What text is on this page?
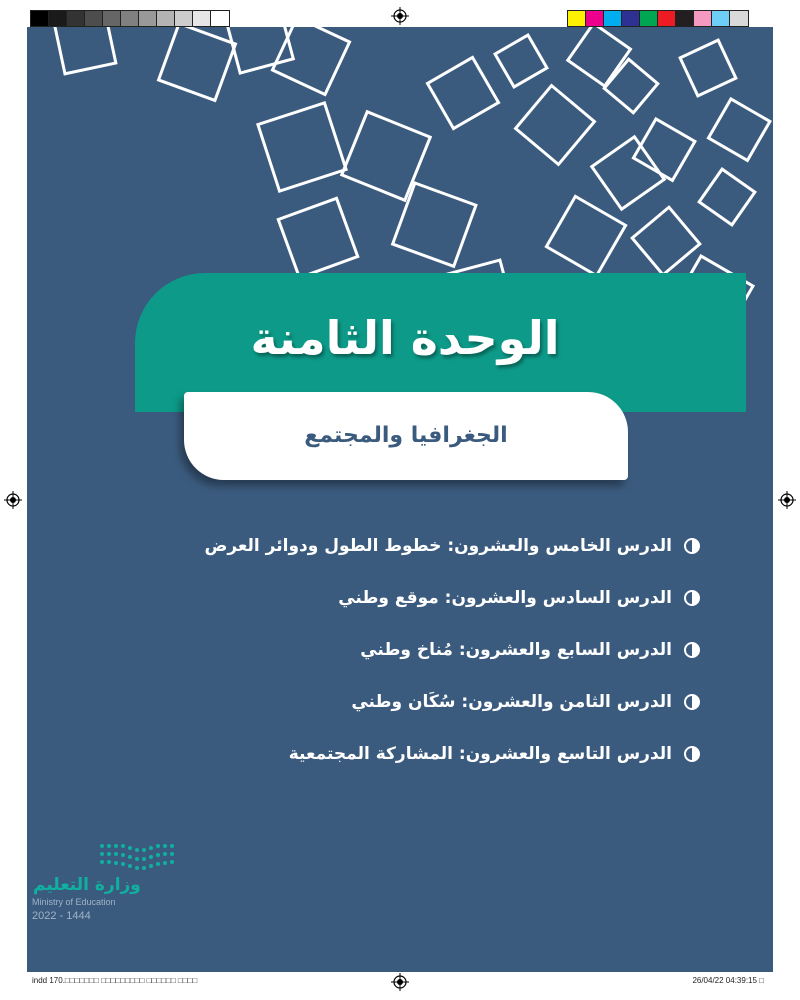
الوحدة الثامنة
الجغرافيا والمجتمع
الدرس الخامس والعشرون: خطوط الطول ودوائر العرض
الدرس السادس والعشرون: موقع وطني
الدرس السابع والعشرون: مُناخ وطني
الدرس الثامن والعشرون: سُكَان وطني
الدرس التاسع والعشرون: المشاركة المجتمعية
وزارة التعليم
Ministry of Education
2022 - 1444
indd 170.□□□□□□□ □□□□□□□□□ □□□□□□ □□□□	26/04/22 04:39:15 □
